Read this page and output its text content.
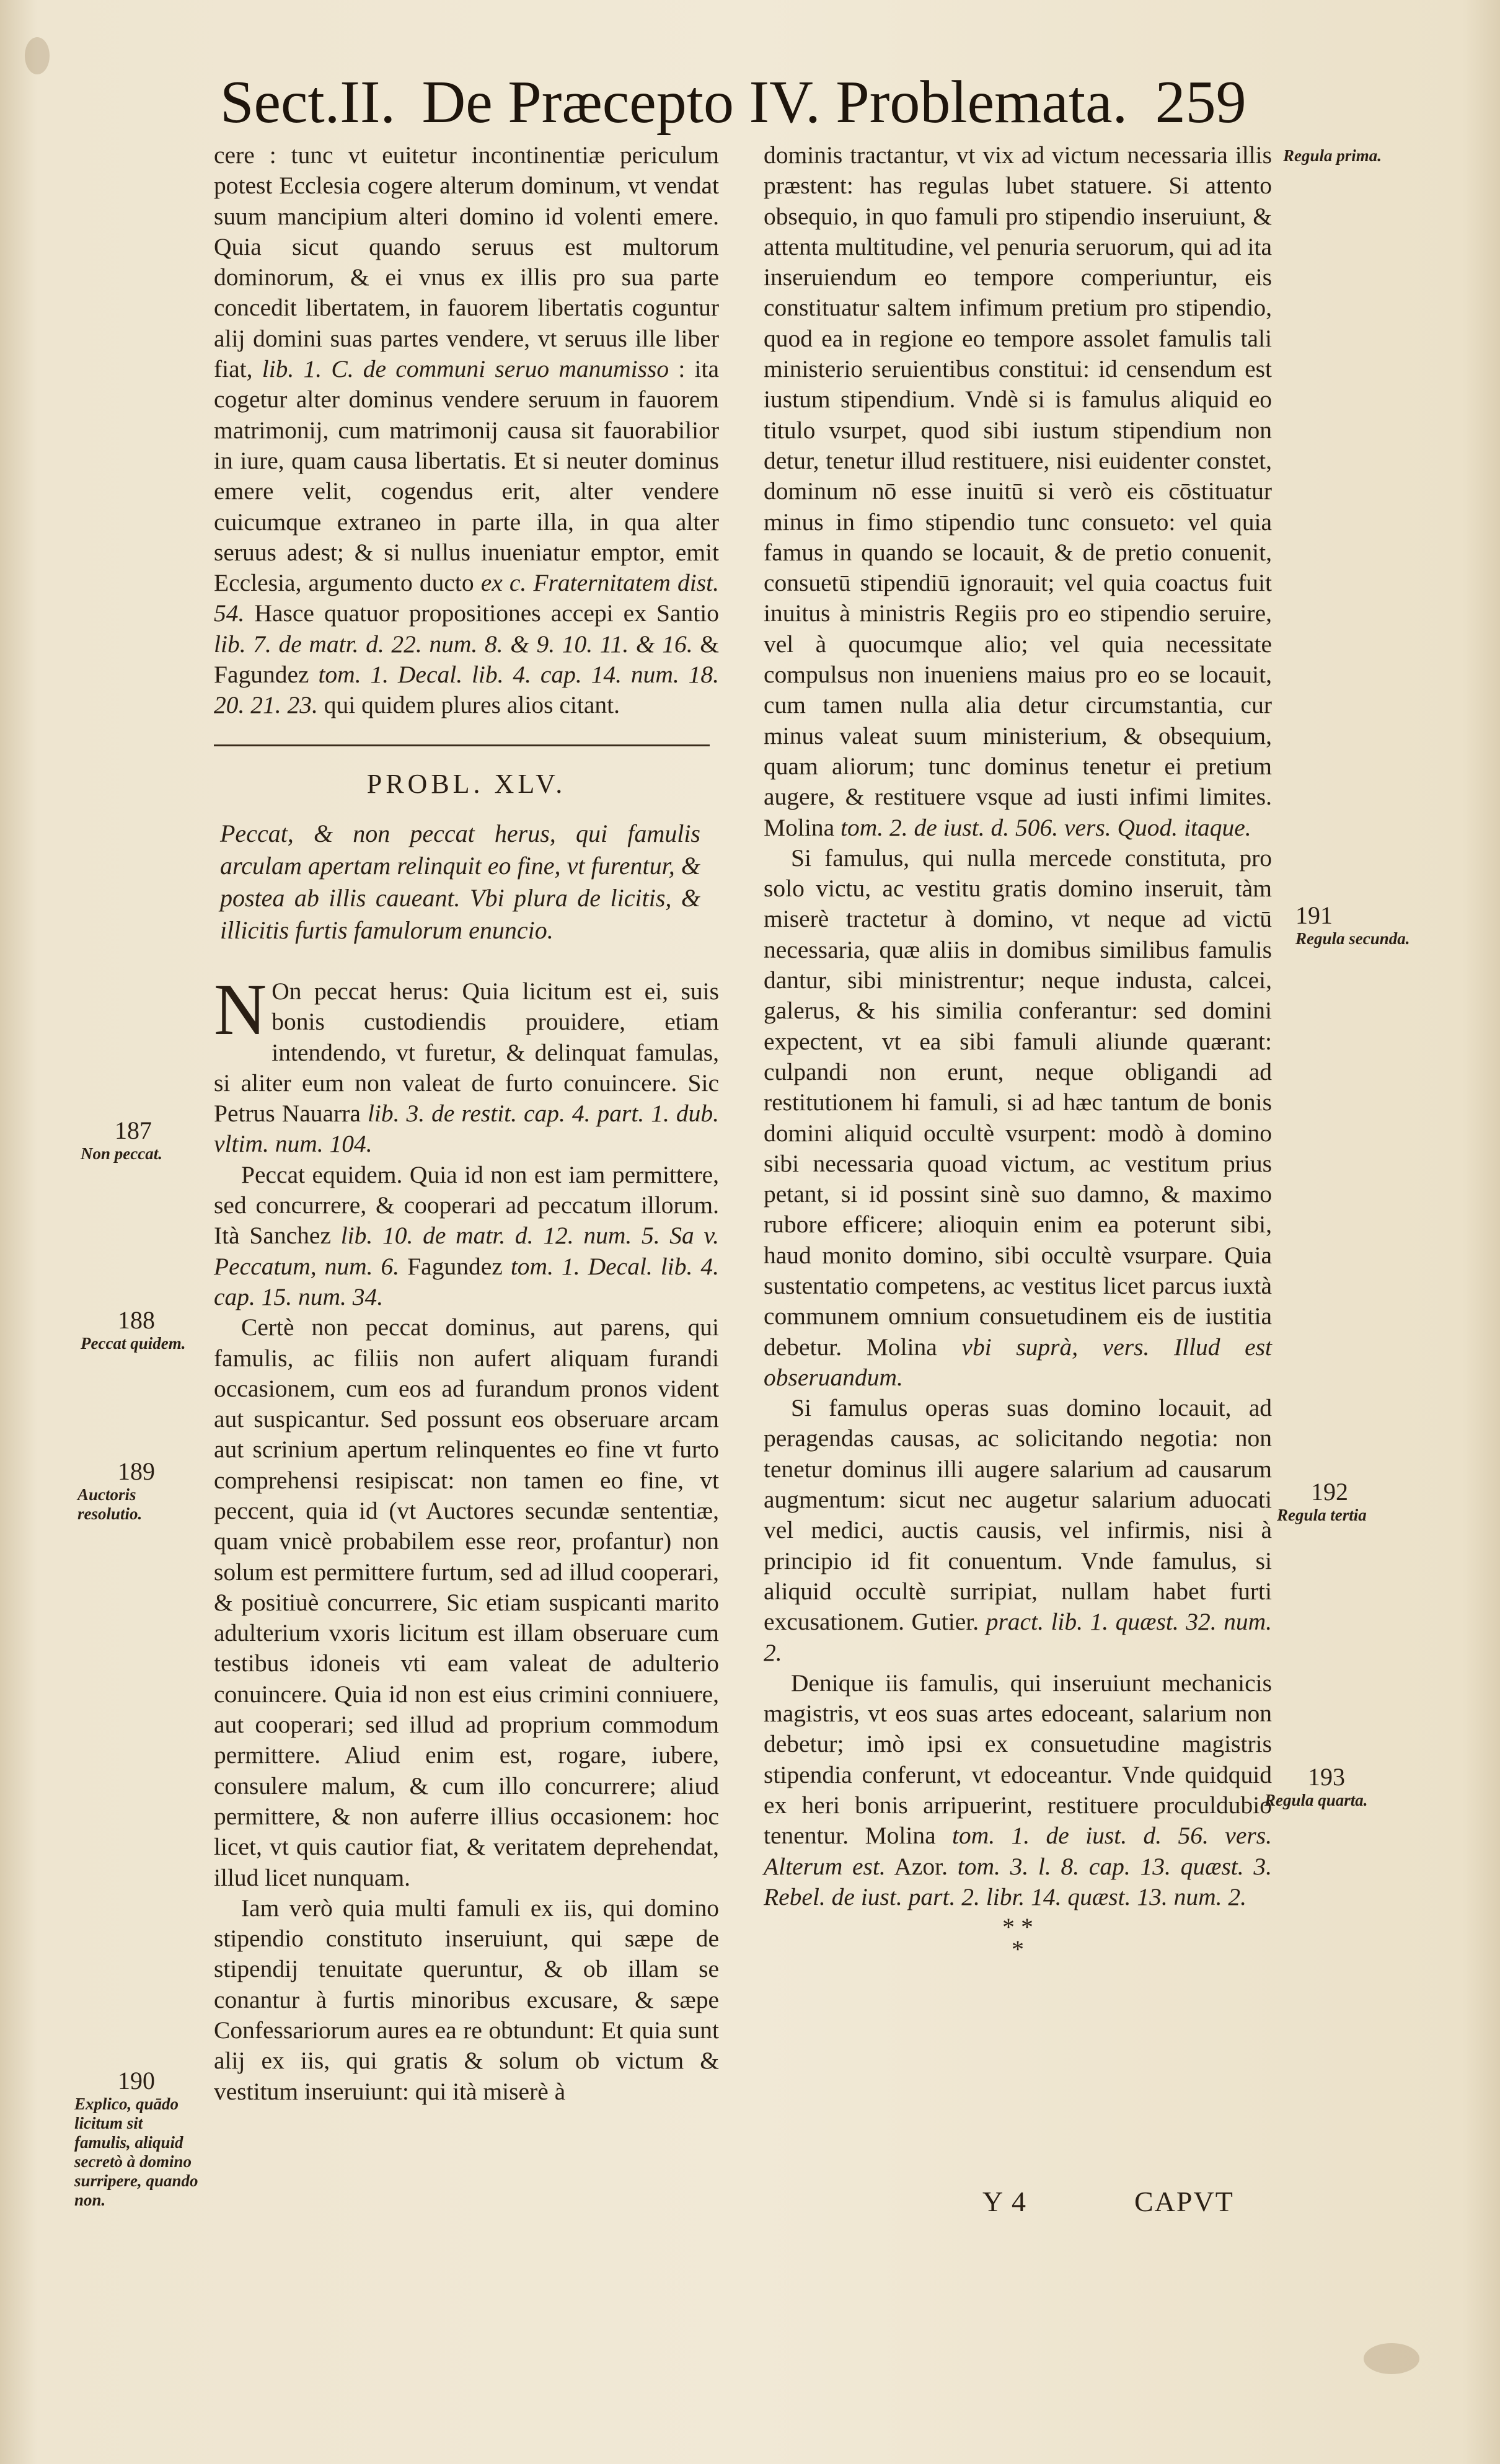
Sect.II. De Præcepto IV. Problemata. 259

cere : tunc vt euitetur incontinentiæ periculum potest Ecclesia cogere alterum dominum, vt vendat suum mancipium alteri domino id volenti emere. Quia sicut quando seruus est multorum dominorum, & ei vnus ex illis pro sua parte concedit libertatem, in fauorem libertatis coguntur alij domini suas partes vendere, vt seruus ille liber fiat, lib. 1. C. de communi seruo manumisso : ita cogetur alter dominus vendere seruum in fauorem matrimonij, cum matrimonij causa sit fauorabilior in iure, quam causa libertatis. Et si neuter dominus emere velit, cogendus erit, alter vendere cuicumque extraneo in parte illa, in qua alter seruus adest; & si nullus inueniatur emptor, emit Ecclesia, argumento ducto ex c. Fraternitatem dist. 54. Hasce quatuor propositiones accepi ex Santio lib. 7. de matr. d. 22. num. 8. & 9. 10. 11. & 16. & Fagundez tom. 1. Decal. lib. 4. cap. 14. num. 18. 20. 21. 23. qui quidem plures alios citant.

PROBL. XLV.
Peccat, & non peccat herus, qui famulis arculam apertam relinquit eo fine, vt furentur, & postea ab illis caueant. Vbi plura de licitis, & illicitis furtis famulorum enuncio.

N On peccat herus: Quia licitum est ei, suis bonis custodiendis prouidere, etiam intendendo, vt furetur, & delinquat famulas, si aliter eum non valeat de furto conuincere. Sic Petrus Nauarra lib. 3. de restit. cap. 4. part. 1. dub. vltim. num. 104.

Peccat equidem. Quia id non est iam permittere, sed concurrere, & cooperari ad peccatum illorum. Ità Sanchez lib. 10. de matr. d. 12. num. 5. Sa v. Peccatum, num. 6. Fagundez tom. 1. Decal. lib. 4. cap. 15. num. 34.

Certè non peccat dominus, aut parens, qui famulis, ac filiis non aufert aliquam furandi occasionem, cum eos ad furandum pronos vident aut suspicantur. Sed possunt eos obseruare arcam aut scrinium apertum relinquentes eo fine vt furto comprehensi resipiscat: non tamen eo fine, vt peccent, quia id (vt Auctores secundæ sententiæ, quam vnicè probabilem esse reor, profantur) non solum est permittere furtum, sed ad illud cooperari, & positiuè concurrere, Sic etiam suspicanti marito adulterium vxoris licitum est illam obseruare cum testibus idoneis vti eam valeat de adulterio conuincere. Quia id non est eius crimini conniuere, aut cooperari; sed illud ad proprium commodum permittere. Aliud enim est, rogare, iubere, consulere malum, & cum illo concurrere; aliud permittere, & non auferre illius occasionem: hoc licet, vt quis cautior fiat, & veritatem deprehendat, illud licet nunquam.

Iam verò quia multi famuli ex iis, qui domino stipendio constituto inseruiunt, qui sæpe de stipendij tenuitate queruntur, & ob illam se conantur à furtis minoribus excusare, & sæpe Confessariorum aures ea re obtundunt: Et quia sunt alij ex iis, qui gratis & solum ob victum & vestitum inseruiunt: qui ità miserè à

dominis tractantur, vt vix ad victum necessaria illis præstent: has regulas lubet statuere. Si attento obsequio, in quo famuli pro stipendio inseruiunt, & attenta multitudine, vel penuria seruorum, qui ad ita inseruiendum eo tempore comperiuntur, eis constituatur saltem infimum pretium pro stipendio, quod ea in regione eo tempore assolet famulis tali ministerio seruientibus constitui: id censendum est iustum stipendium. Vndè si is famulus aliquid eo titulo vsurpet, quod sibi iustum stipendium non detur, tenetur illud restituere, nisi euidenter constet, dominum nō esse inuitū si verò eis cōstituatur minus in fimo stipendio tunc consueto: vel quia famus in quando se locauit, & de pretio conuenit, consuetū stipendiū ignorauit; vel quia coactus fuit inuitus à ministris Regiis pro eo stipendio seruire, vel à quocumque alio; vel quia necessitate compulsus non inueniens maius pro eo se locauit, cum tamen nulla alia detur circumstantia, cur minus valeat suum ministerium, & obsequium, quam aliorum; tunc dominus tenetur ei pretium augere, & restituere vsque ad iusti infimi limites. Molina tom. 2. de iust. d. 506. vers. Quod. itaque.

Si famulus, qui nulla mercede constituta, pro solo victu, ac vestitu gratis domino inseruit, tàm miserè tractetur à domino, vt neque ad victū necessaria, quæ aliis in domibus similibus famulis dantur, sibi ministrentur; neque industa, calcei, galerus, & his similia conferantur: sed domini expectent, vt ea sibi famuli aliunde quærant: culpandi non erunt, neque obligandi ad restitutionem hi famuli, si ad hæc tantum de bonis domini aliquid occultè vsurpent: modò à domino sibi necessaria quoad victum, ac vestitum prius petant, si id possint sinè suo damno, & maximo rubore efficere; alioquin enim ea poterunt sibi, haud monito domino, sibi occultè vsurpare. Quia sustentatio competens, ac vestitus licet parcus iuxtà communem omnium consuetudinem eis de iustitia debetur. Molina vbi suprà, vers. Illud est obseruandum.

Si famulus operas suas domino locauit, ad peragendas causas, ac solicitando negotia: non tenetur dominus illi augere salarium ad causarum augmentum: sicut nec augetur salarium aduocati vel medici, auctis causis, vel infirmis, nisi à principio id fit conuentum. Vnde famulus, si aliquid occultè surripiat, nullam habet furti excusationem. Gutier. pract. lib. 1. quæst. 32. num. 2.

Denique iis famulis, qui inseruiunt mechanicis magistris, vt eos suas artes edoceant, salarium non debetur; imò ipsi ex consuetudine magistris stipendia conferunt, vt edoceantur. Vnde quidquid ex heri bonis arripuerint, restituere proculdubio tenentur. Molina tom. 1. de iust. d. 56. vers. Alterum est. Azor. tom. 3. l. 8. cap. 13. quæst. 3. Rebel. de iust. part. 2. libr. 14. quæst. 13. num. 2.

* *
*
Regula prima.
191
Regula secunda.
192
Regula tertia
193
Regula quarta.
187
Non peccat.
188
Peccat quidem.
189
Auctoris resolutio.
190
Explico, quādo licitum sit famulis, aliquid secretò à domino surripere, quando non.	Y 4	CAPVT
